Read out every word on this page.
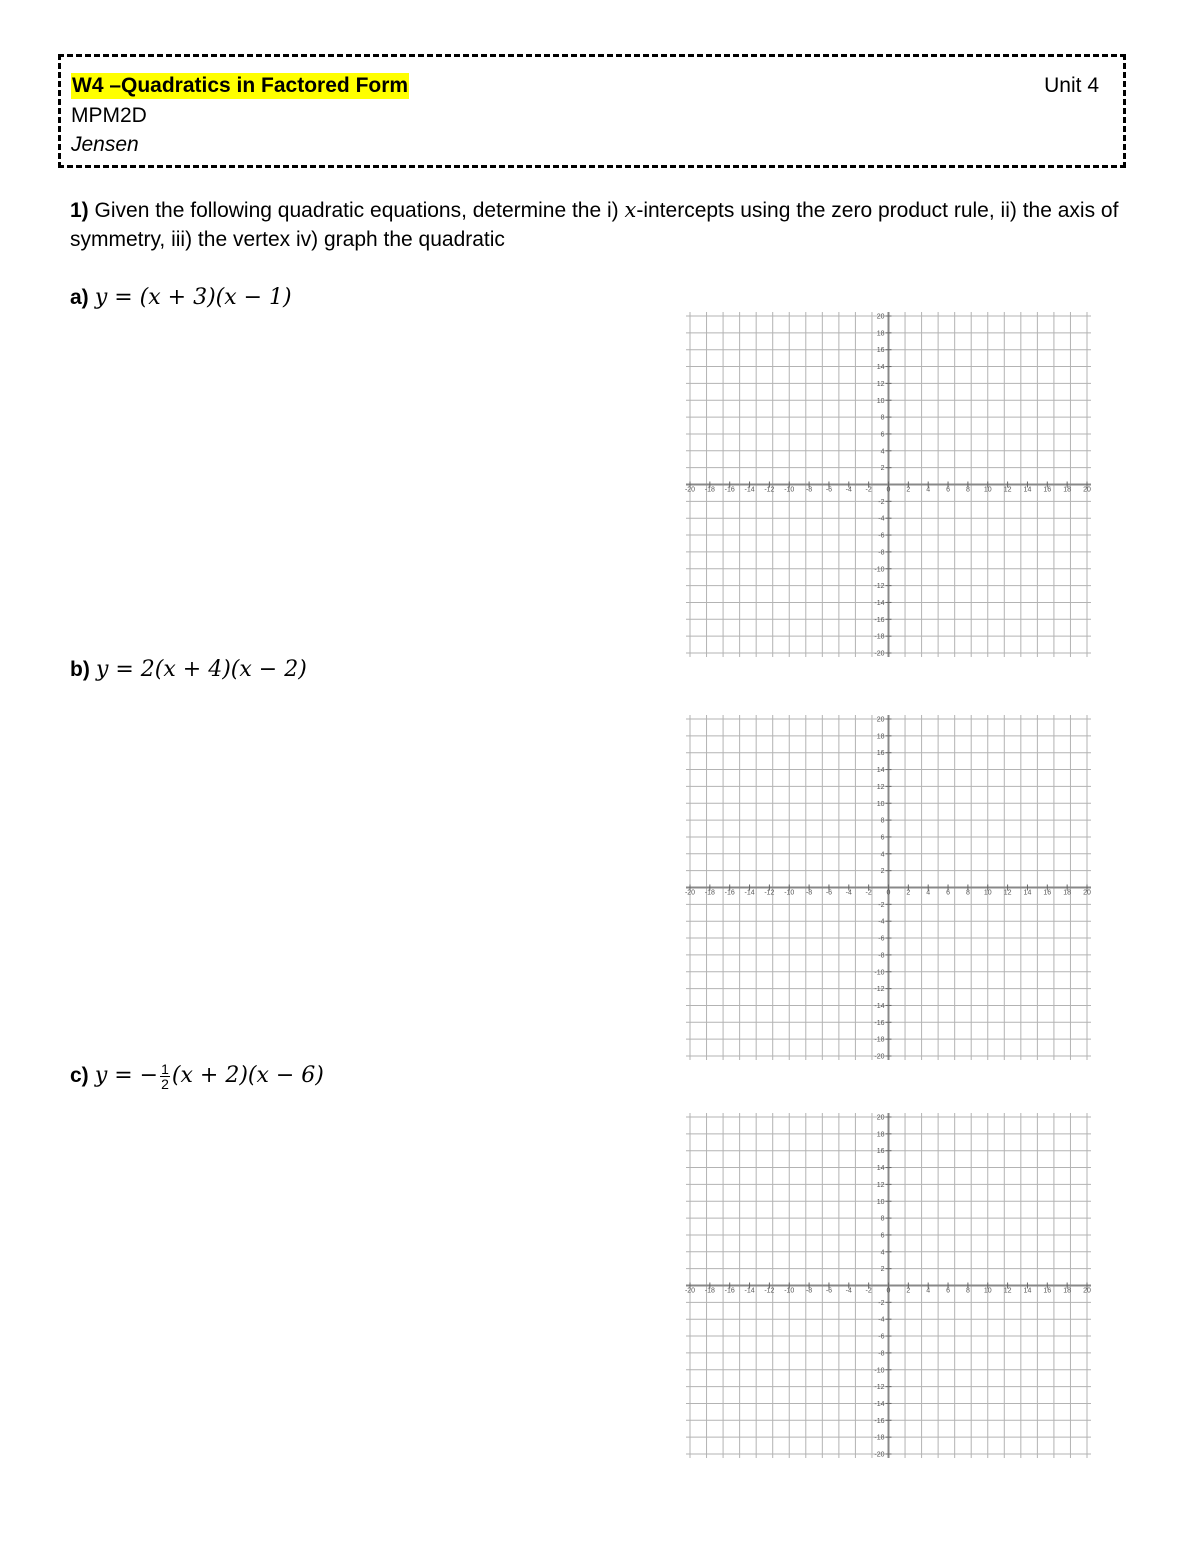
W4 –Quadratics in Factored Form	Unit 4
MPM2D
Jensen
1) Given the following quadratic equations, determine the i) x-intercepts using the zero product rule, ii) the axis of symmetry, iii) the vertex iv) graph the quadratic
a) y = (x + 3)(x − 1)
-20 -18 -16 -14 -12 -10 -8 -6 -4 -2 0 2 4 6 8 10 12 14 16 18 20
20
18
16
14
12
10
8
6
4
2
-2
-4
-6
-8
-10
-12
-14
-16
-18
-20
b) y = 2(x + 4)(x − 2)
-20 -18 -16 -14 -12 -10 -8 -6 -4 -2 0 2 4 6 8 10 12 14 16 18 20
20
18
16
14
12
10
8
6
4
2
-2
-4
-6
-8
-10
-12
-14
-16
-18
-20
c) y = − $\frac{1}{2} (x + 2)(x - 6)$
-20 -18 -16 -14 -12 -10 -8 -6 -4 -2 0 2 4 6 8 10 12 14 16 18 20
20
18
16
14
12
10
8
6
4
2
-2
-4
-6
-8
-10
-12
-14
-16
-18
-20
